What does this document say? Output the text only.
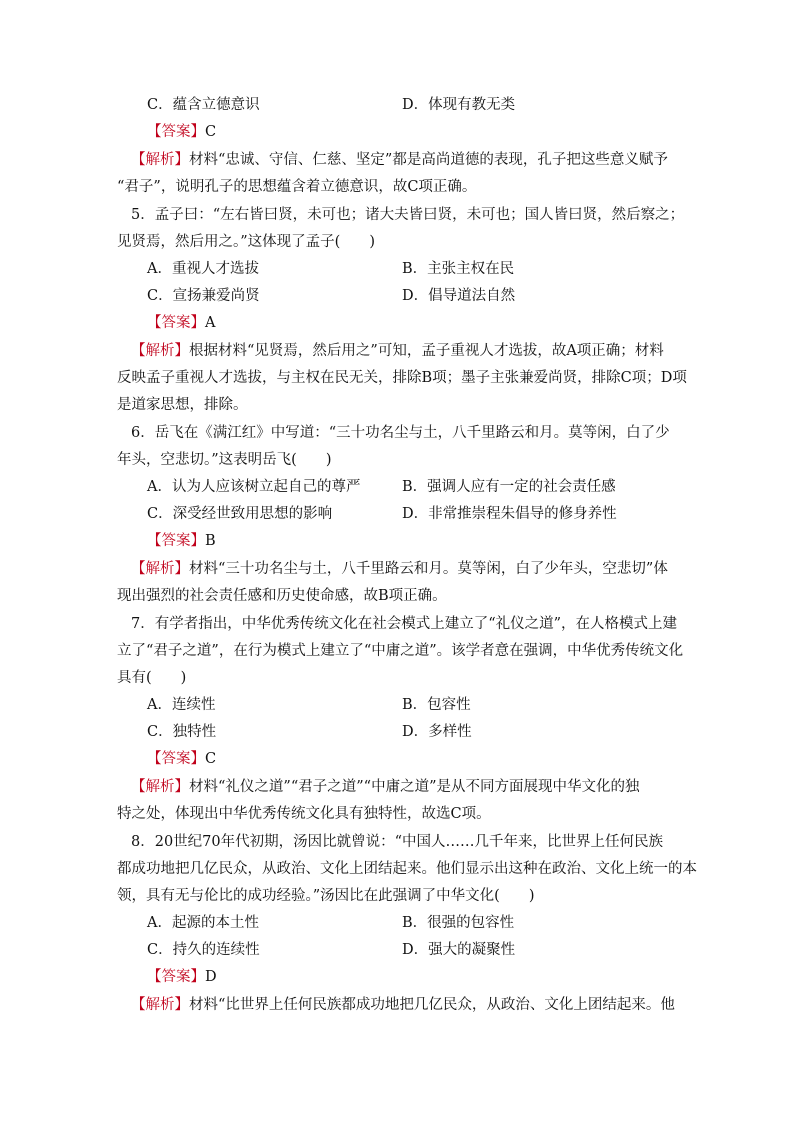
C．蕴含立德意识	D．体现有教无类
【答案】C
【解析】材料“忠诚、守信、仁慈、坚定”都是高尚道德的表现，孔子把这些意义赋予
“君子”，说明孔子的思想蕴含着立德意识，故C项正确。
5．孟子曰：“左右皆曰贤，未可也；诸大夫皆曰贤，未可也；国人皆曰贤，然后察之；
见贤焉，然后用之。”这体现了孟子(　　)
A．重视人才选拔	B．主张主权在民
C．宣扬兼爱尚贤	D．倡导道法自然
【答案】A
【解析】根据材料“见贤焉，然后用之”可知，孟子重视人才选拔，故A项正确；材料
反映孟子重视人才选拔，与主权在民无关，排除B项；墨子主张兼爱尚贤，排除C项；D项
是道家思想，排除。
6．岳飞在《满江红》中写道：“三十功名尘与土，八千里路云和月。莫等闲，白了少
年头，空悲切。”这表明岳飞(　　)
A．认为人应该树立起自己的尊严	B．强调人应有一定的社会责任感
C．深受经世致用思想的影响	D．非常推崇程朱倡导的修身养性
【答案】B
【解析】材料“三十功名尘与土，八千里路云和月。莫等闲，白了少年头，空悲切”体
现出强烈的社会责任感和历史使命感，故B项正确。
7．有学者指出，中华优秀传统文化在社会模式上建立了“礼仪之道”，在人格模式上建
立了“君子之道”，在行为模式上建立了“中庸之道”。该学者意在强调，中华优秀传统文化
具有(　　)
A．连续性	B．包容性
C．独特性	D．多样性
【答案】C
【解析】材料“礼仪之道”“君子之道”“中庸之道”是从不同方面展现中华文化的独
特之处，体现出中华优秀传统文化具有独特性，故选C项。
8．20世纪70年代初期，汤因比就曾说：“中国人……几千年来，比世界上任何民族
都成功地把几亿民众，从政治、文化上团结起来。他们显示出这种在政治、文化上统一的本
领，具有无与伦比的成功经验。”汤因比在此强调了中华文化(　　)
A．起源的本土性	B．很强的包容性
C．持久的连续性	D．强大的凝聚性
【答案】D
【解析】材料“比世界上任何民族都成功地把几亿民众，从政治、文化上团结起来。他
